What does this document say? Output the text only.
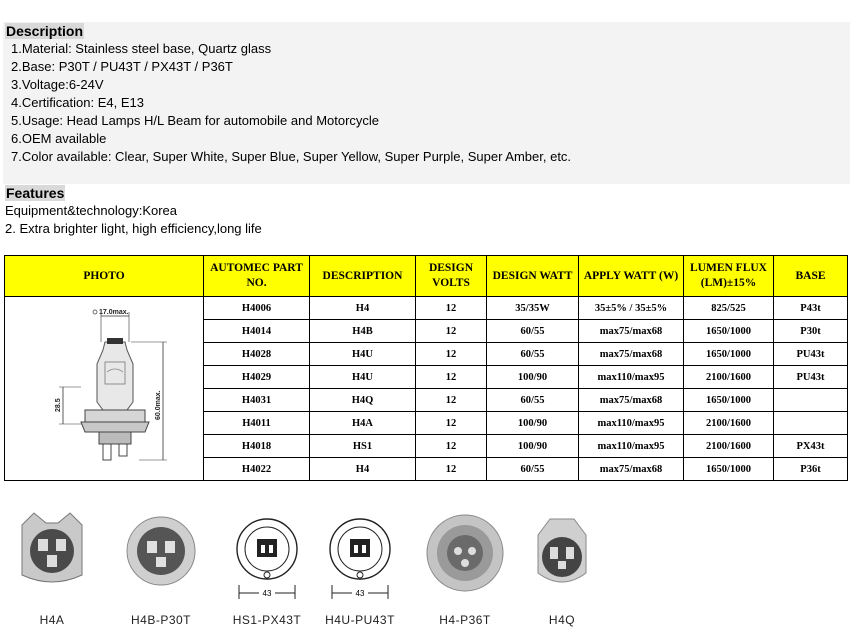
Description
1.Material: Stainless steel base, Quartz glass
2.Base: P30T / PU43T / PX43T / P36T
3.Voltage:6-24V
4.Certification: E4, E13
5.Usage: Head Lamps H/L Beam for automobile and Motorcycle
6.OEM available
7.Color available: Clear, Super White, Super Blue, Super Yellow, Super Purple, Super Amber, etc.
Features
Equipment&technology:Korea
2. Extra brighter light, high efficiency,long life
PHOTO	AUTOMEC PART NO.	DESCRIPTION	DESIGN VOLTS	DESIGN WATT	APPLY WATT (W)	LUMEN FLUX (LM)±15%	BASE

17.0max.
60.0max.
28.5	H4006	H4	12	35/35W	35±5% / 35±5%	825/525	P43t
	H4014	H4B	12	60/55	max75/max68	1650/1000	P30t
	H4028	H4U	12	60/55	max75/max68	1650/1000	PU43t
	H4029	H4U	12	100/90	max110/max95	2100/1600	PU43t
	H4031	H4Q	12	60/55	max75/max68	1650/1000	
	H4011	H4A	12	100/90	max110/max95	2100/1600	
	H4018	HS1	12	100/90	max110/max95	2100/1600	PX43t
	H4022	H4	12	60/55	max75/max68	1650/1000	P36t
H4A	H4B-P30T
43
HS1-PX43T
43
H4U-PU43T	H4-P36T	H4Q
